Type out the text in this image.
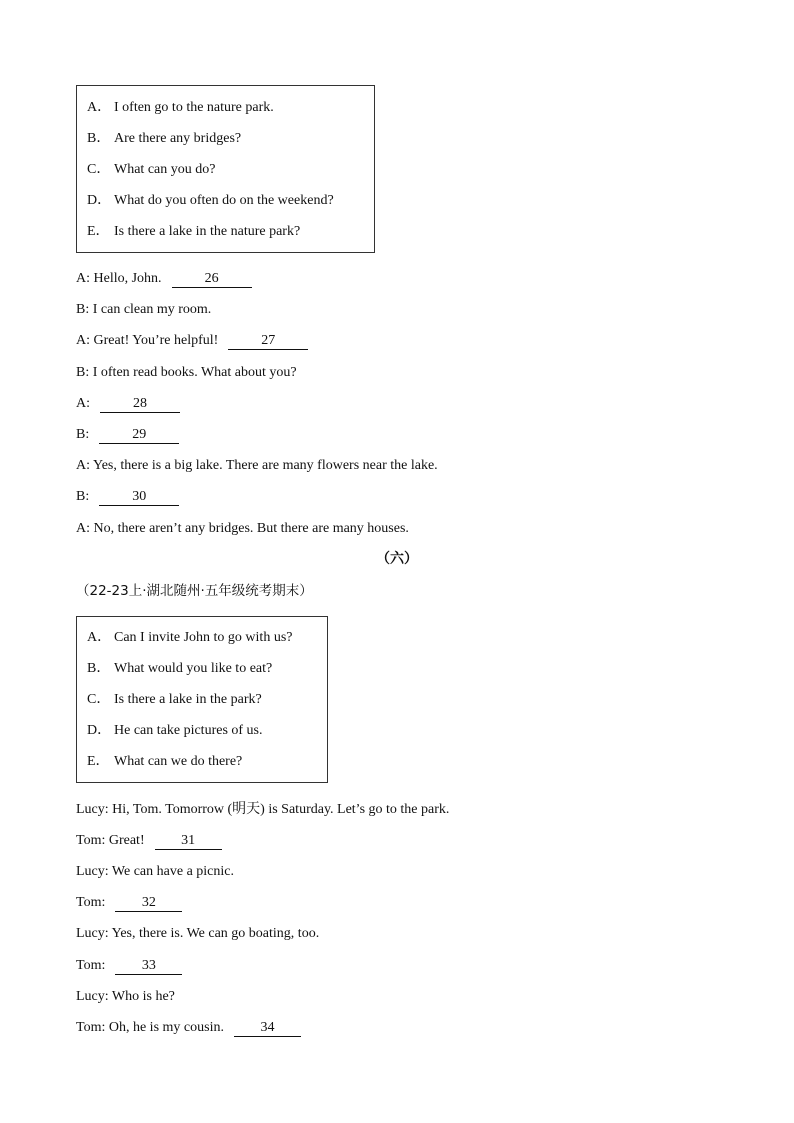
A． I often go to the nature park.
B． Are there any bridges?
C． What can you do?
D． What do you often do on the weekend?
E． Is there a lake in the nature park?
A: Hello, John.	26
B: I can clean my room.
A: Great! You’re helpful!	27
B: I often read books. What about you?
A:	28
B:	29
A: Yes, there is a big lake. There are many flowers near the lake.
B:	30
A: No, there aren’t any bridges. But there are many houses.
（六）
（22-23上·湖北随州·五年级统考期末）
A． Can I invite John to go with us?
B． What would you like to eat?
C． Is there a lake in the park?
D． He can take pictures of us.
E． What can we do there?
Lucy: Hi, Tom. Tomorrow (明天) is Saturday. Let’s go to the park.
Tom: Great!	31
Lucy: We can have a picnic.
Tom:	32
Lucy: Yes, there is. We can go boating, too.
Tom:	33
Lucy: Who is he?
Tom: Oh, he is my cousin.	34
